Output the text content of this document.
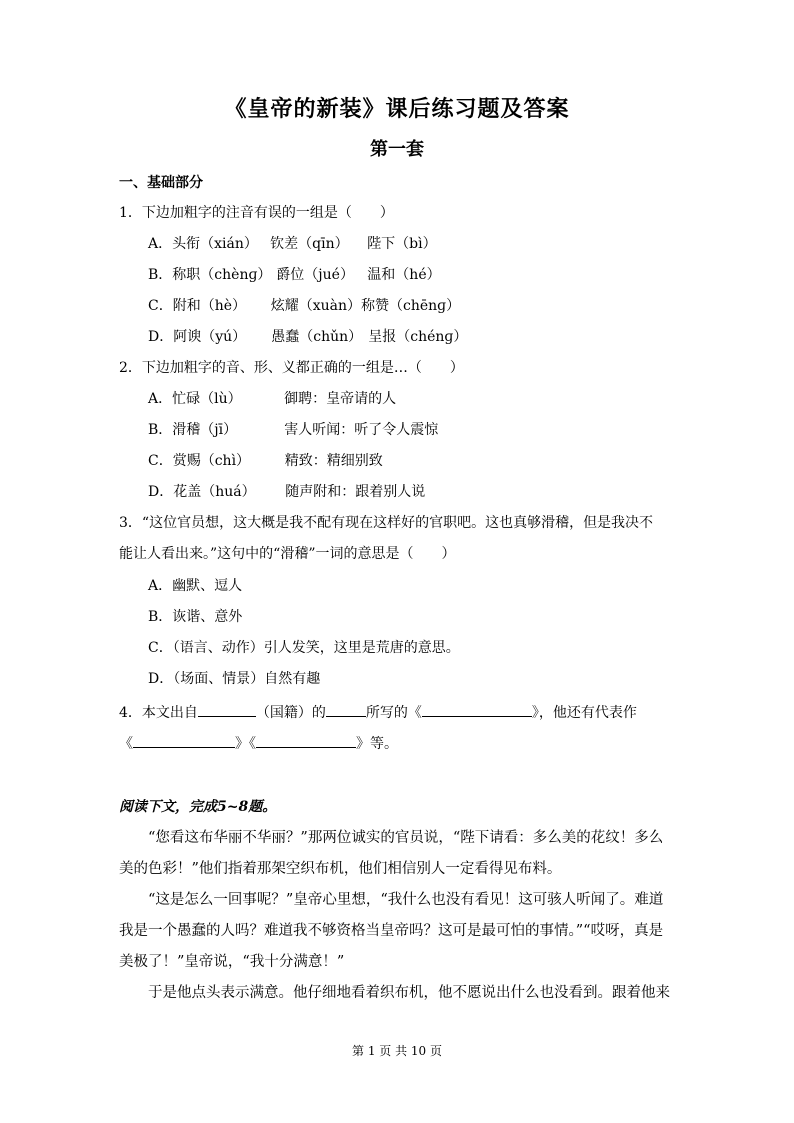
《皇帝的新装》课后练习题及答案
第一套
一、基础部分
1．下边加粗字的注音有误的一组是（　　）
A．头衔（xián） 钦差（qīn） 陛下（bì）
B．称职（chènɡ） 爵位（jué） 温和（hé）
C．附和（hè） 炫耀（xuàn）称赞（chēnɡ）
D．阿谀（yú） 愚蠢（chǔn） 呈报（chénɡ）
2．下边加粗字的音、形、义都正确的一组是…（　　）
A．忙碌（lù）	御聘：皇帝请的人
B．滑稽（jī）	害人听闻：听了令人震惊
C．赏赐（chì） 精致：精细别致
D．花盖（huá） 随声附和：跟着别人说
3．“这位官员想，这大概是我不配有现在这样好的官职吧。这也真够滑稽，但是我决不
能让人看出来。”这句中的“滑稽”一词的意思是（　　）
A．幽默、逗人
B．诙谐、意外
C．（语言、动作）引人发笑，这里是荒唐的意思。
D．（场面、情景）自然有趣
4．本文出自	（国籍）的	所写的《	》，他还有代表作
《	》《	》等。
阅读下文，完成5~8题。
“您看这布华丽不华丽？”那两位诚实的官员说，“陛下请看：多么美的花纹！多么美的色彩！”他们指着那架空织布机，他们相信别人一定看得见布料。
“这是怎么一回事呢？”皇帝心里想，“我什么也没有看见！这可骇人听闻了。难道我是一个愚蠢的人吗？难道我不够资格当皇帝吗？这可是最可怕的事情。”“哎呀，真是美极了！”皇帝说，“我十分满意！”
于是他点头表示满意。他仔细地看着织布机，他不愿说出什么也没看到。跟着他来
第 1 页 共 10 页
